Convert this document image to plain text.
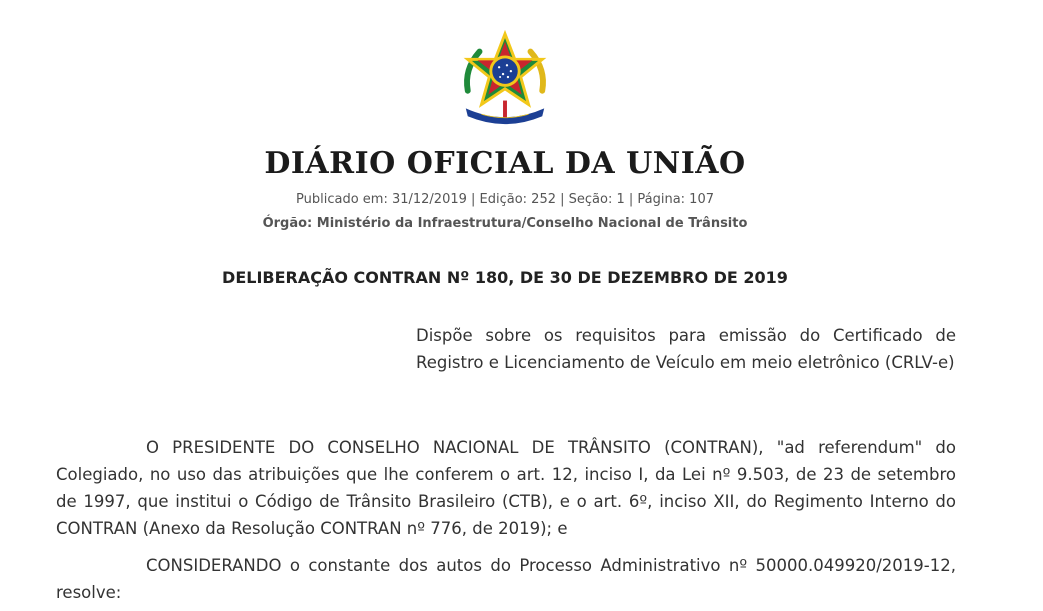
DIÁRIO OFICIAL DA UNIÃO
Publicado em: 31/12/2019 | Edição: 252 | Seção: 1 | Página: 107
Órgão: Ministério da Infraestrutura/Conselho Nacional de Trânsito
DELIBERAÇÃO CONTRAN Nº 180, DE 30 DE DEZEMBRO DE 2019

Dispõe sobre os requisitos para emissão do Certificado de Registro e Licenciamento de Veículo em meio eletrônico (CRLV-e)

O PRESIDENTE DO CONSELHO NACIONAL DE TRÂNSITO (CONTRAN), "ad referendum" do Colegiado, no uso das atribuições que lhe conferem o art. 12, inciso I, da Lei nº 9.503, de 23 de setembro de 1997, que institui o Código de Trânsito Brasileiro (CTB), e o art. 6º, inciso XII, do Regimento Interno do CONTRAN (Anexo da Resolução CONTRAN nº 776, de 2019); e

CONSIDERANDO o constante dos autos do Processo Administrativo nº 50000.049920/2019-12, resolve:
